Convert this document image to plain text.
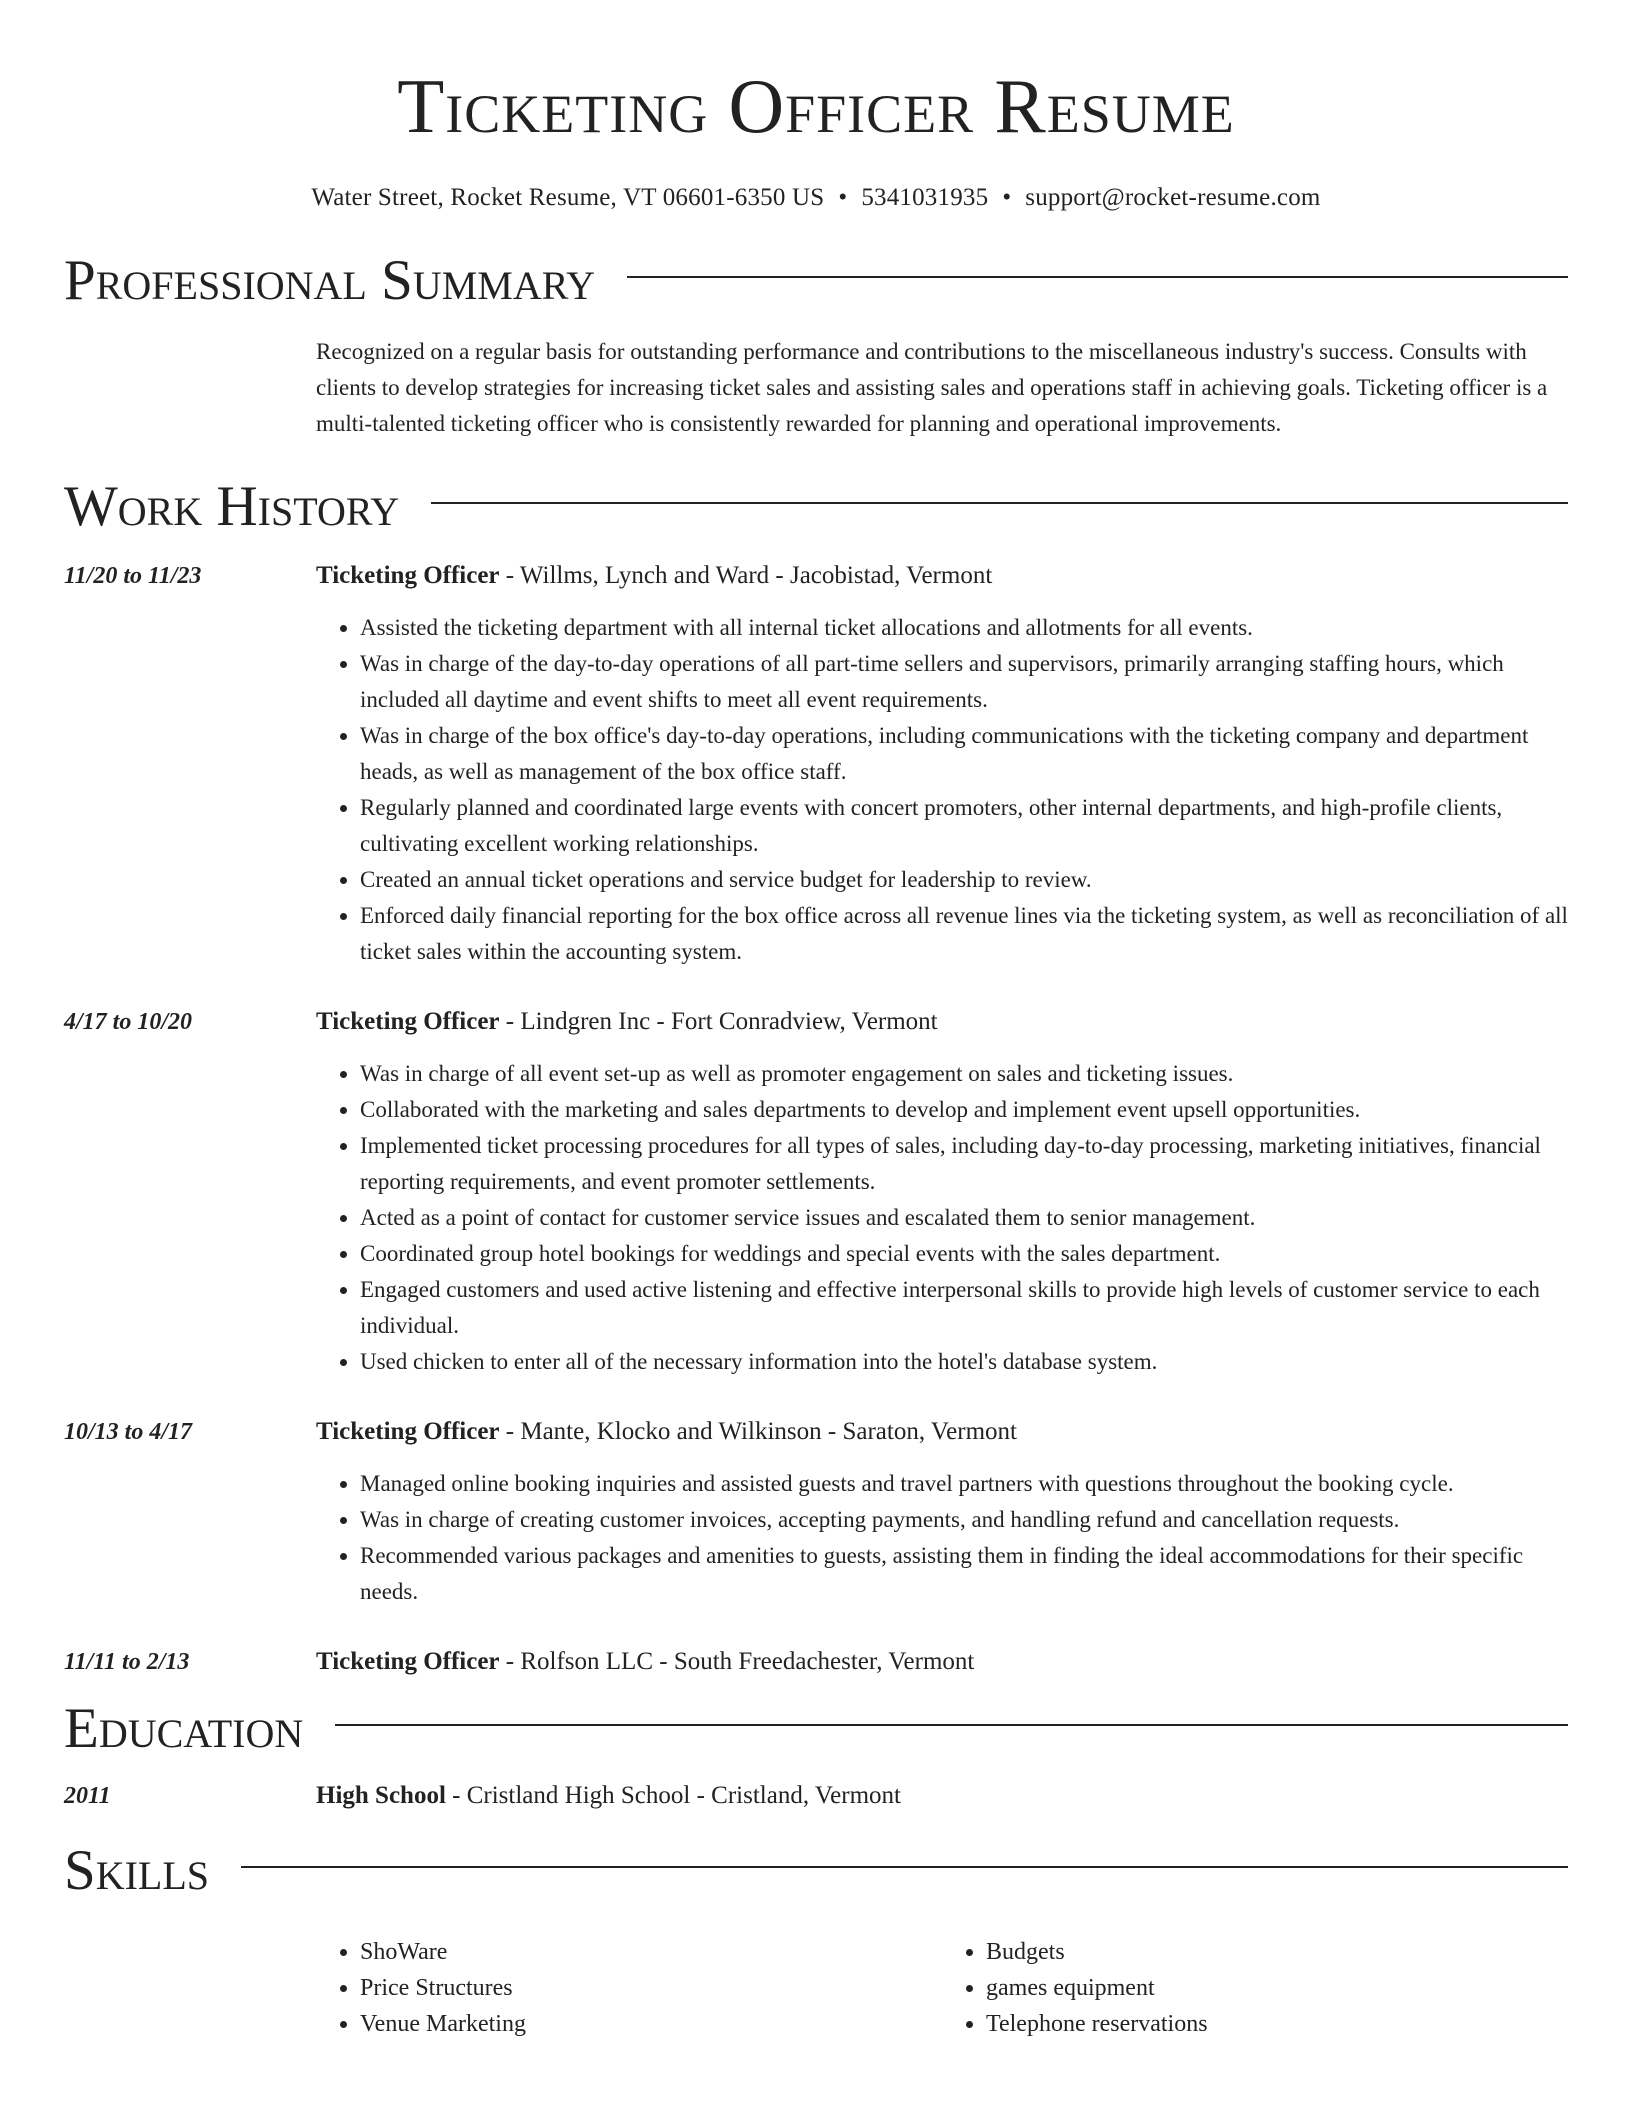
Ticketing Officer Resume
Water Street, Rocket Resume, VT 06601-6350 US • 5341031935 • support@rocket-resume.com
Professional Summary

Recognized on a regular basis for outstanding performance and contributions to the miscellaneous industry's success. Consults with clients to develop strategies for increasing ticket sales and assisting sales and operations staff in achieving goals. Ticketing officer is a multi-talented ticketing officer who is consistently rewarded for planning and operational improvements.

Work History
11/20 to 11/23	Ticketing Officer - Willms, Lynch and Ward - Jacobistad, Vermont
• Assisted the ticketing department with all internal ticket allocations and allotments for all events.
• Was in charge of the day-to-day operations of all part-time sellers and supervisors, primarily arranging staffing hours, which included all daytime and event shifts to meet all event requirements.
• Was in charge of the box office's day-to-day operations, including communications with the ticketing company and department heads, as well as management of the box office staff.
• Regularly planned and coordinated large events with concert promoters, other internal departments, and high-profile clients, cultivating excellent working relationships.
• Created an annual ticket operations and service budget for leadership to review.
• Enforced daily financial reporting for the box office across all revenue lines via the ticketing system, as well as reconciliation of all ticket sales within the accounting system.
4/17 to 10/20	Ticketing Officer - Lindgren Inc - Fort Conradview, Vermont
• Was in charge of all event set-up as well as promoter engagement on sales and ticketing issues.
• Collaborated with the marketing and sales departments to develop and implement event upsell opportunities.
• Implemented ticket processing procedures for all types of sales, including day-to-day processing, marketing initiatives, financial reporting requirements, and event promoter settlements.
• Acted as a point of contact for customer service issues and escalated them to senior management.
• Coordinated group hotel bookings for weddings and special events with the sales department.
• Engaged customers and used active listening and effective interpersonal skills to provide high levels of customer service to each individual.
• Used chicken to enter all of the necessary information into the hotel's database system.
10/13 to 4/17	Ticketing Officer - Mante, Klocko and Wilkinson - Saraton, Vermont
• Managed online booking inquiries and assisted guests and travel partners with questions throughout the booking cycle.
• Was in charge of creating customer invoices, accepting payments, and handling refund and cancellation requests.
• Recommended various packages and amenities to guests, assisting them in finding the ideal accommodations for their specific needs.
11/11 to 2/13	Ticketing Officer - Rolfson LLC - South Freedachester, Vermont
Education
2011	High School - Cristland High School - Cristland, Vermont
Skills
• ShoWare
• Price Structures
• Venue Marketing
• Budgets
• games equipment
• Telephone reservations
